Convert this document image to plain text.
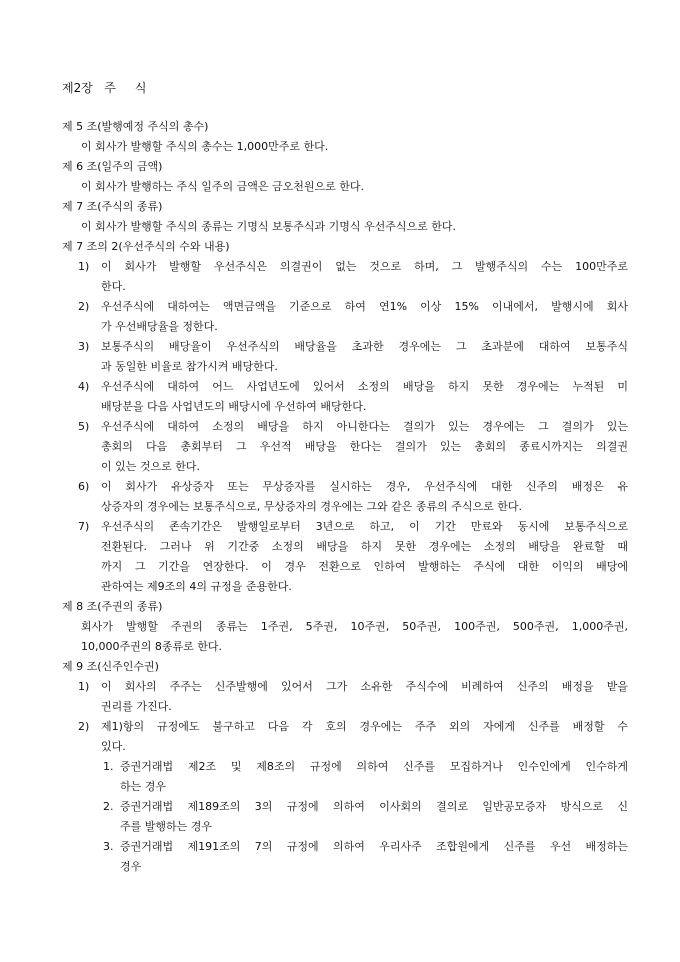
제2장   주     식
제 5 조(발행예정 주식의 총수)
이 회사가 발행할 주식의 총수는 1,000만주로 한다.
제 6 조(일주의 금액)
이 회사가 발행하는 주식 일주의 금액은 금오천원으로 한다.
제 7 조(주식의 종류)
이 회사가 발행할 주식의 종류는 기명식 보통주식과 기명식 우선주식으로 한다.
제 7 조의 2(우선주식의 수와 내용)
1) 이 회사가 발행할 우선주식은 의결권이 없는 것으로 하며, 그 발행주식의 수는 100만주로
한다.
2) 우선주식에 대하여는 액면금액을 기준으로 하여 연1% 이상 15% 이내에서, 발행시에 회사
가 우선배당율을 정한다.
3) 보통주식의 배당율이 우선주식의 배당율을 초과한 경우에는 그 초과분에 대하여 보통주식
과 동일한 비율로 참가시켜 배당한다.
4) 우선주식에 대하여 어느 사업년도에 있어서 소정의 배당을 하지 못한 경우에는 누적된 미
배당분을 다음 사업년도의 배당시에 우선하여 배당한다.
5) 우선주식에 대하여 소정의 배당을 하지 아니한다는 결의가 있는 경우에는 그 결의가 있는
총회의 다음 총회부터 그 우선적 배당을 한다는 결의가 있는 총회의 종료시까지는 의결권
이 있는 것으로 한다.
6) 이 회사가 유상증자 또는 무상증자를 실시하는 경우, 우선주식에 대한 신주의 배정은 유
상증자의 경우에는 보통주식으로, 무상증자의 경우에는 그와 같은 종류의 주식으로 한다.
7) 우선주식의 존속기간은 발행일로부터 3년으로 하고, 이 기간 만료와 동시에 보통주식으로
전환된다. 그러나 위 기간중 소정의 배당을 하지 못한 경우에는 소정의 배당을 완료할 때
까지 그 기간을 연장한다. 이 경우 전환으로 인하여 발행하는 주식에 대한 이익의 배당에
관하여는 제9조의 4의 규정을 준용한다.
제 8 조(주권의 종류)
회사가 발행할 주권의 종류는 1주권, 5주권, 10주권, 50주권, 100주권, 500주권, 1,000주권,
10,000주권의 8종류로 한다.
제 9 조(신주인수권)
1) 이 회사의 주주는 신주발행에 있어서 그가 소유한 주식수에 비례하여 신주의 배정을 받을
권리를 가진다.
2) 제1)항의 규정에도 불구하고 다음 각 호의 경우에는 주주 외의 자에게 신주를 배정할 수
있다.
1. 증권거래법 제2조 및 제8조의 규정에 의하여 신주를 모집하거나 인수인에게 인수하게
하는 경우
2. 증권거래법 제189조의 3의 규정에 의하여 이사회의 결의로 일반공모증자 방식으로 신
주를 발행하는 경우
3. 증권거래법 제191조의 7의 규정에 의하여 우리사주 조합원에게 신주를 우선 배정하는
경우
